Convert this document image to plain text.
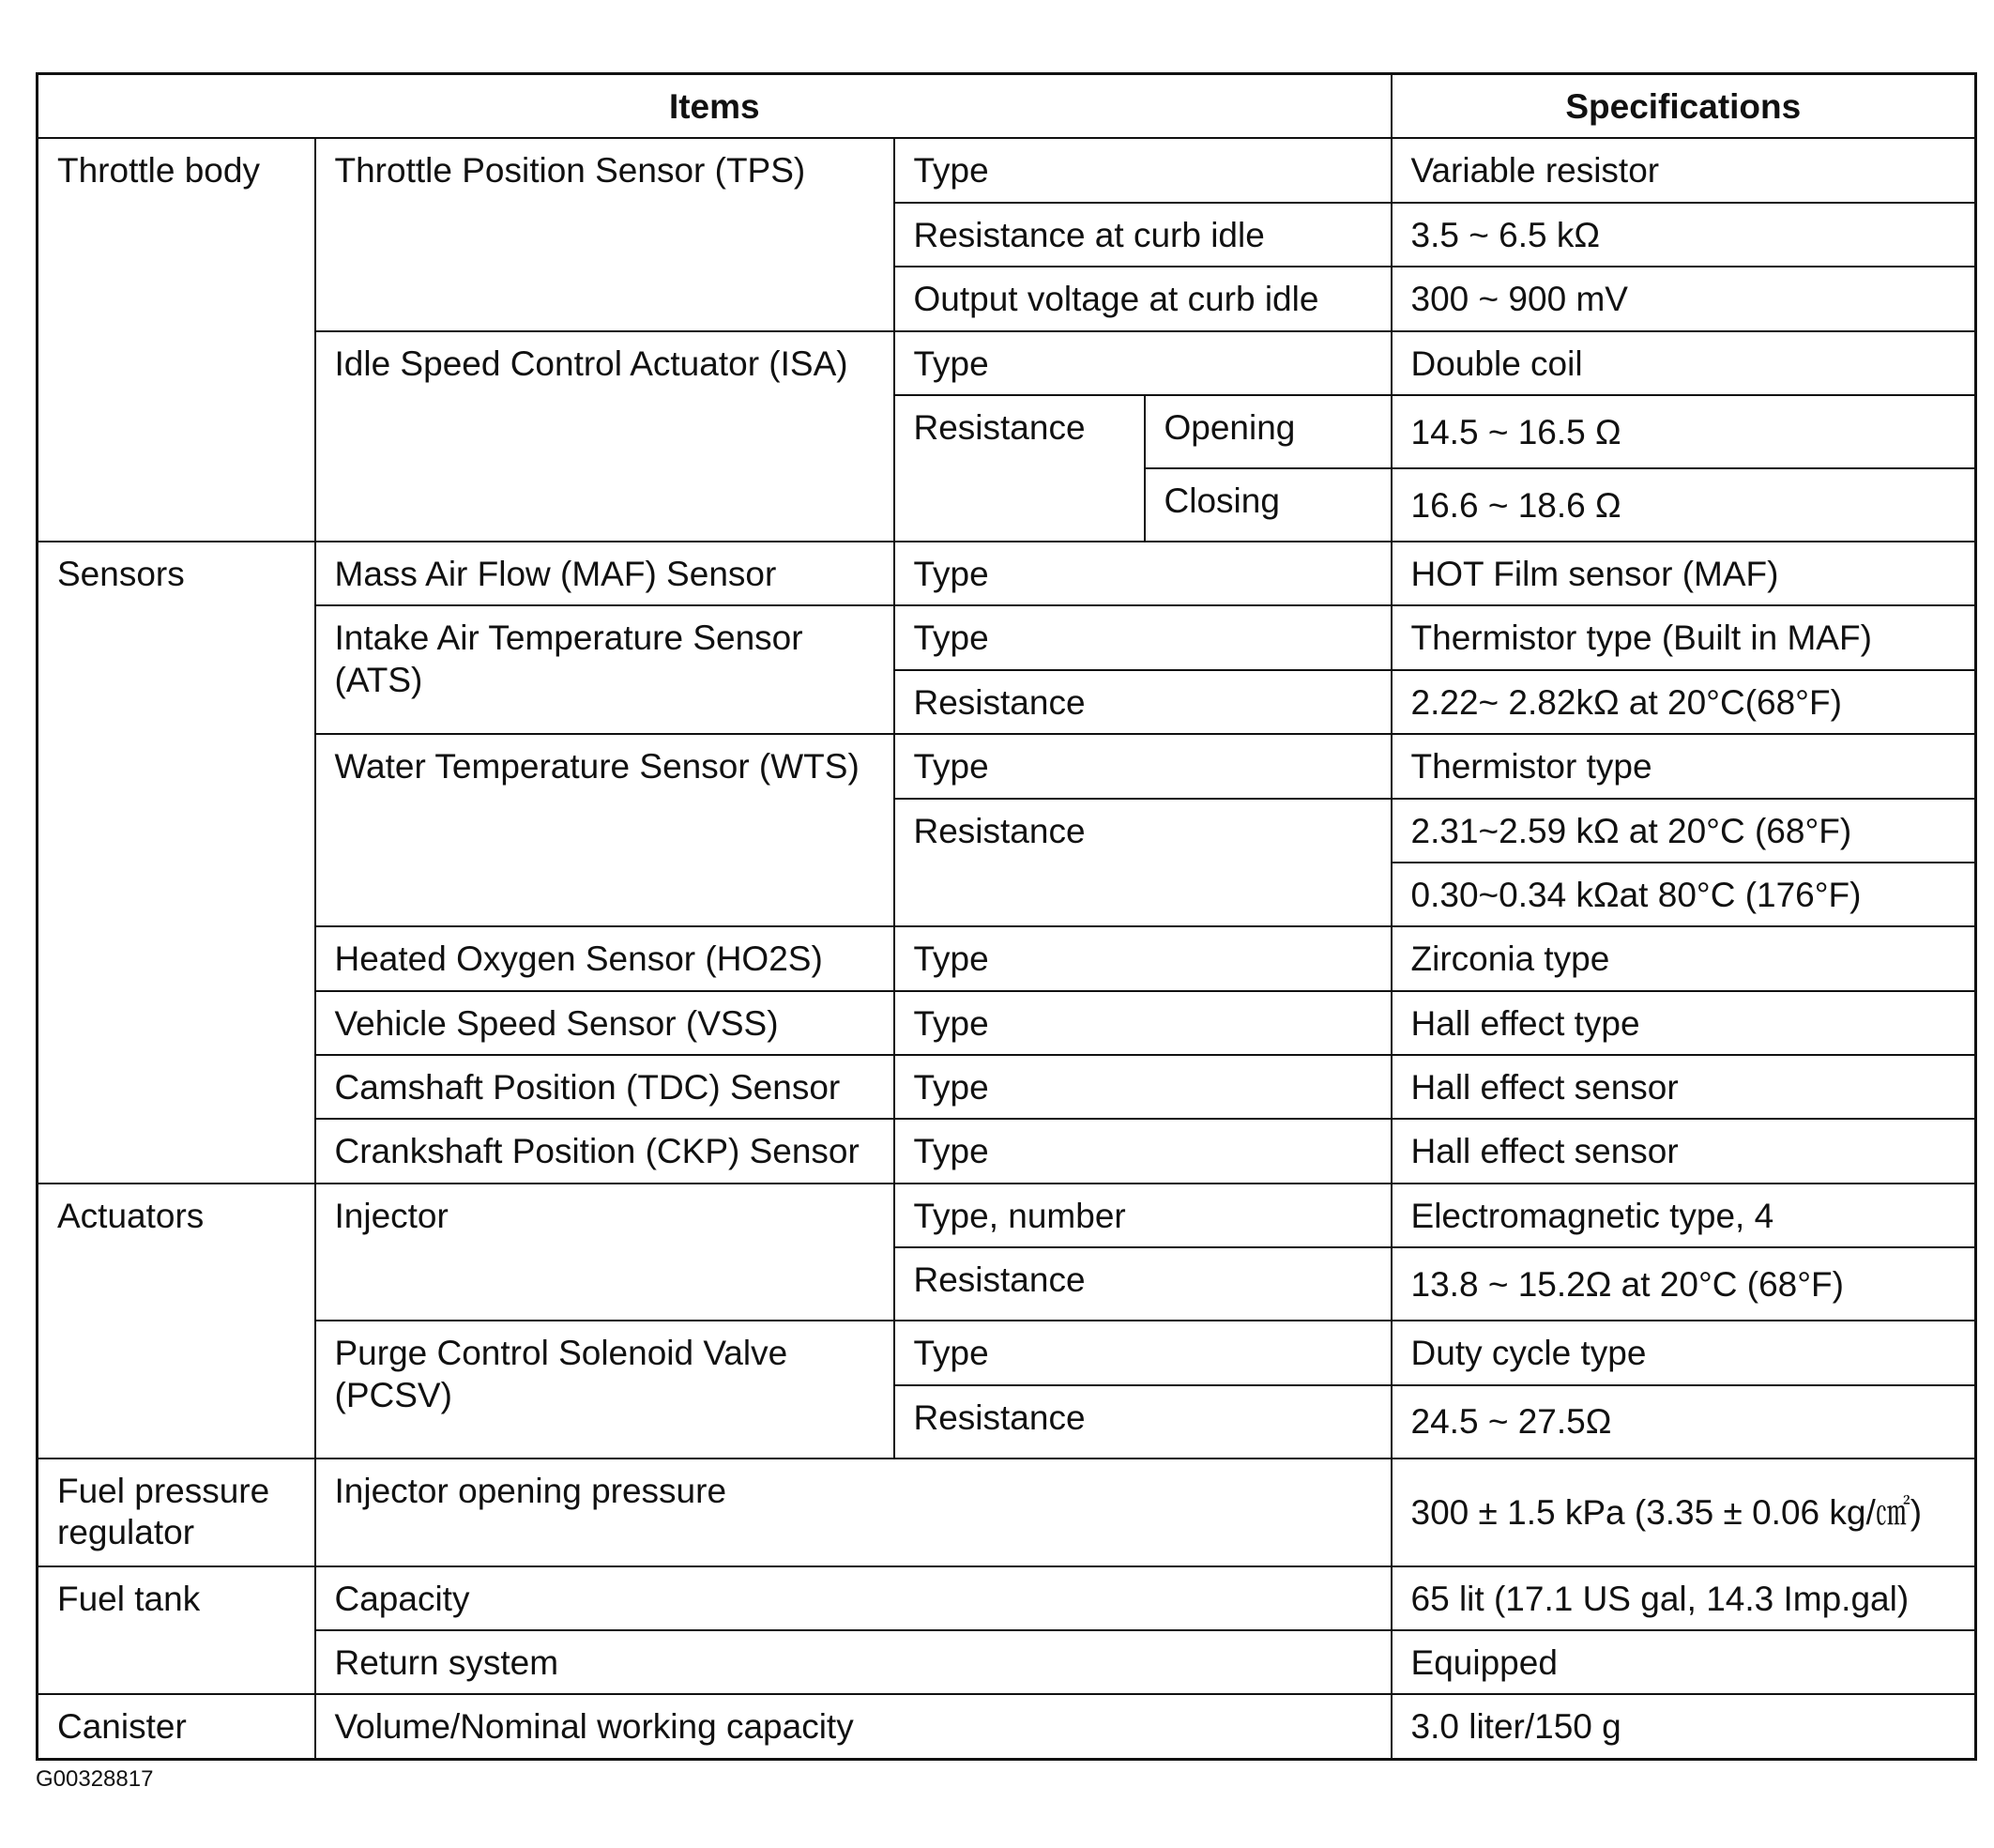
Items				Specifications
Throttle body	Throttle Position Sensor (TPS)	Type		Variable resistor
		Resistance at curb idle		3.5 ~ 6.5 kΩ
		Output voltage at curb idle		300 ~ 900 mV
	Idle Speed Control Actuator (ISA)	Type		Double coil
		Resistance	Opening	14.5 ~ 16.5 Ω
			Closing	16.6 ~ 18.6 Ω
Sensors	Mass Air Flow (MAF) Sensor	Type		HOT Film sensor (MAF)
	Intake Air Temperature Sensor (ATS)	Type		Thermistor type (Built in MAF)
		Resistance		2.22~ 2.82kΩ at 20°C(68°F)
	Water Temperature Sensor (WTS)	Type		Thermistor type
		Resistance		2.31~2.59 kΩ at 20°C (68°F)
				0.30~0.34 kΩat 80°C (176°F)
	Heated Oxygen Sensor (HO2S)	Type		Zirconia type
	Vehicle Speed Sensor (VSS)	Type		Hall effect type
	Camshaft Position (TDC) Sensor	Type		Hall effect sensor
	Crankshaft Position (CKP) Sensor	Type		Hall effect sensor
Actuators	Injector	Type, number		Electromagnetic type, 4
		Resistance		13.8 ~ 15.2Ω at 20°C (68°F)
	Purge Control Solenoid Valve (PCSV)	Type		Duty cycle type
		Resistance		24.5 ~ 27.5Ω
Fuel pressure regulator	Injector opening pressure			300 ± 1.5 kPa (3.35 ± 0.06 kg/㎠)
Fuel tank	Capacity			65 lit (17.1 US gal, 14.3 Imp.gal)
	Return system			Equipped
Canister	Volume/Nominal working capacity			3.0 liter/150 g
G00328817
